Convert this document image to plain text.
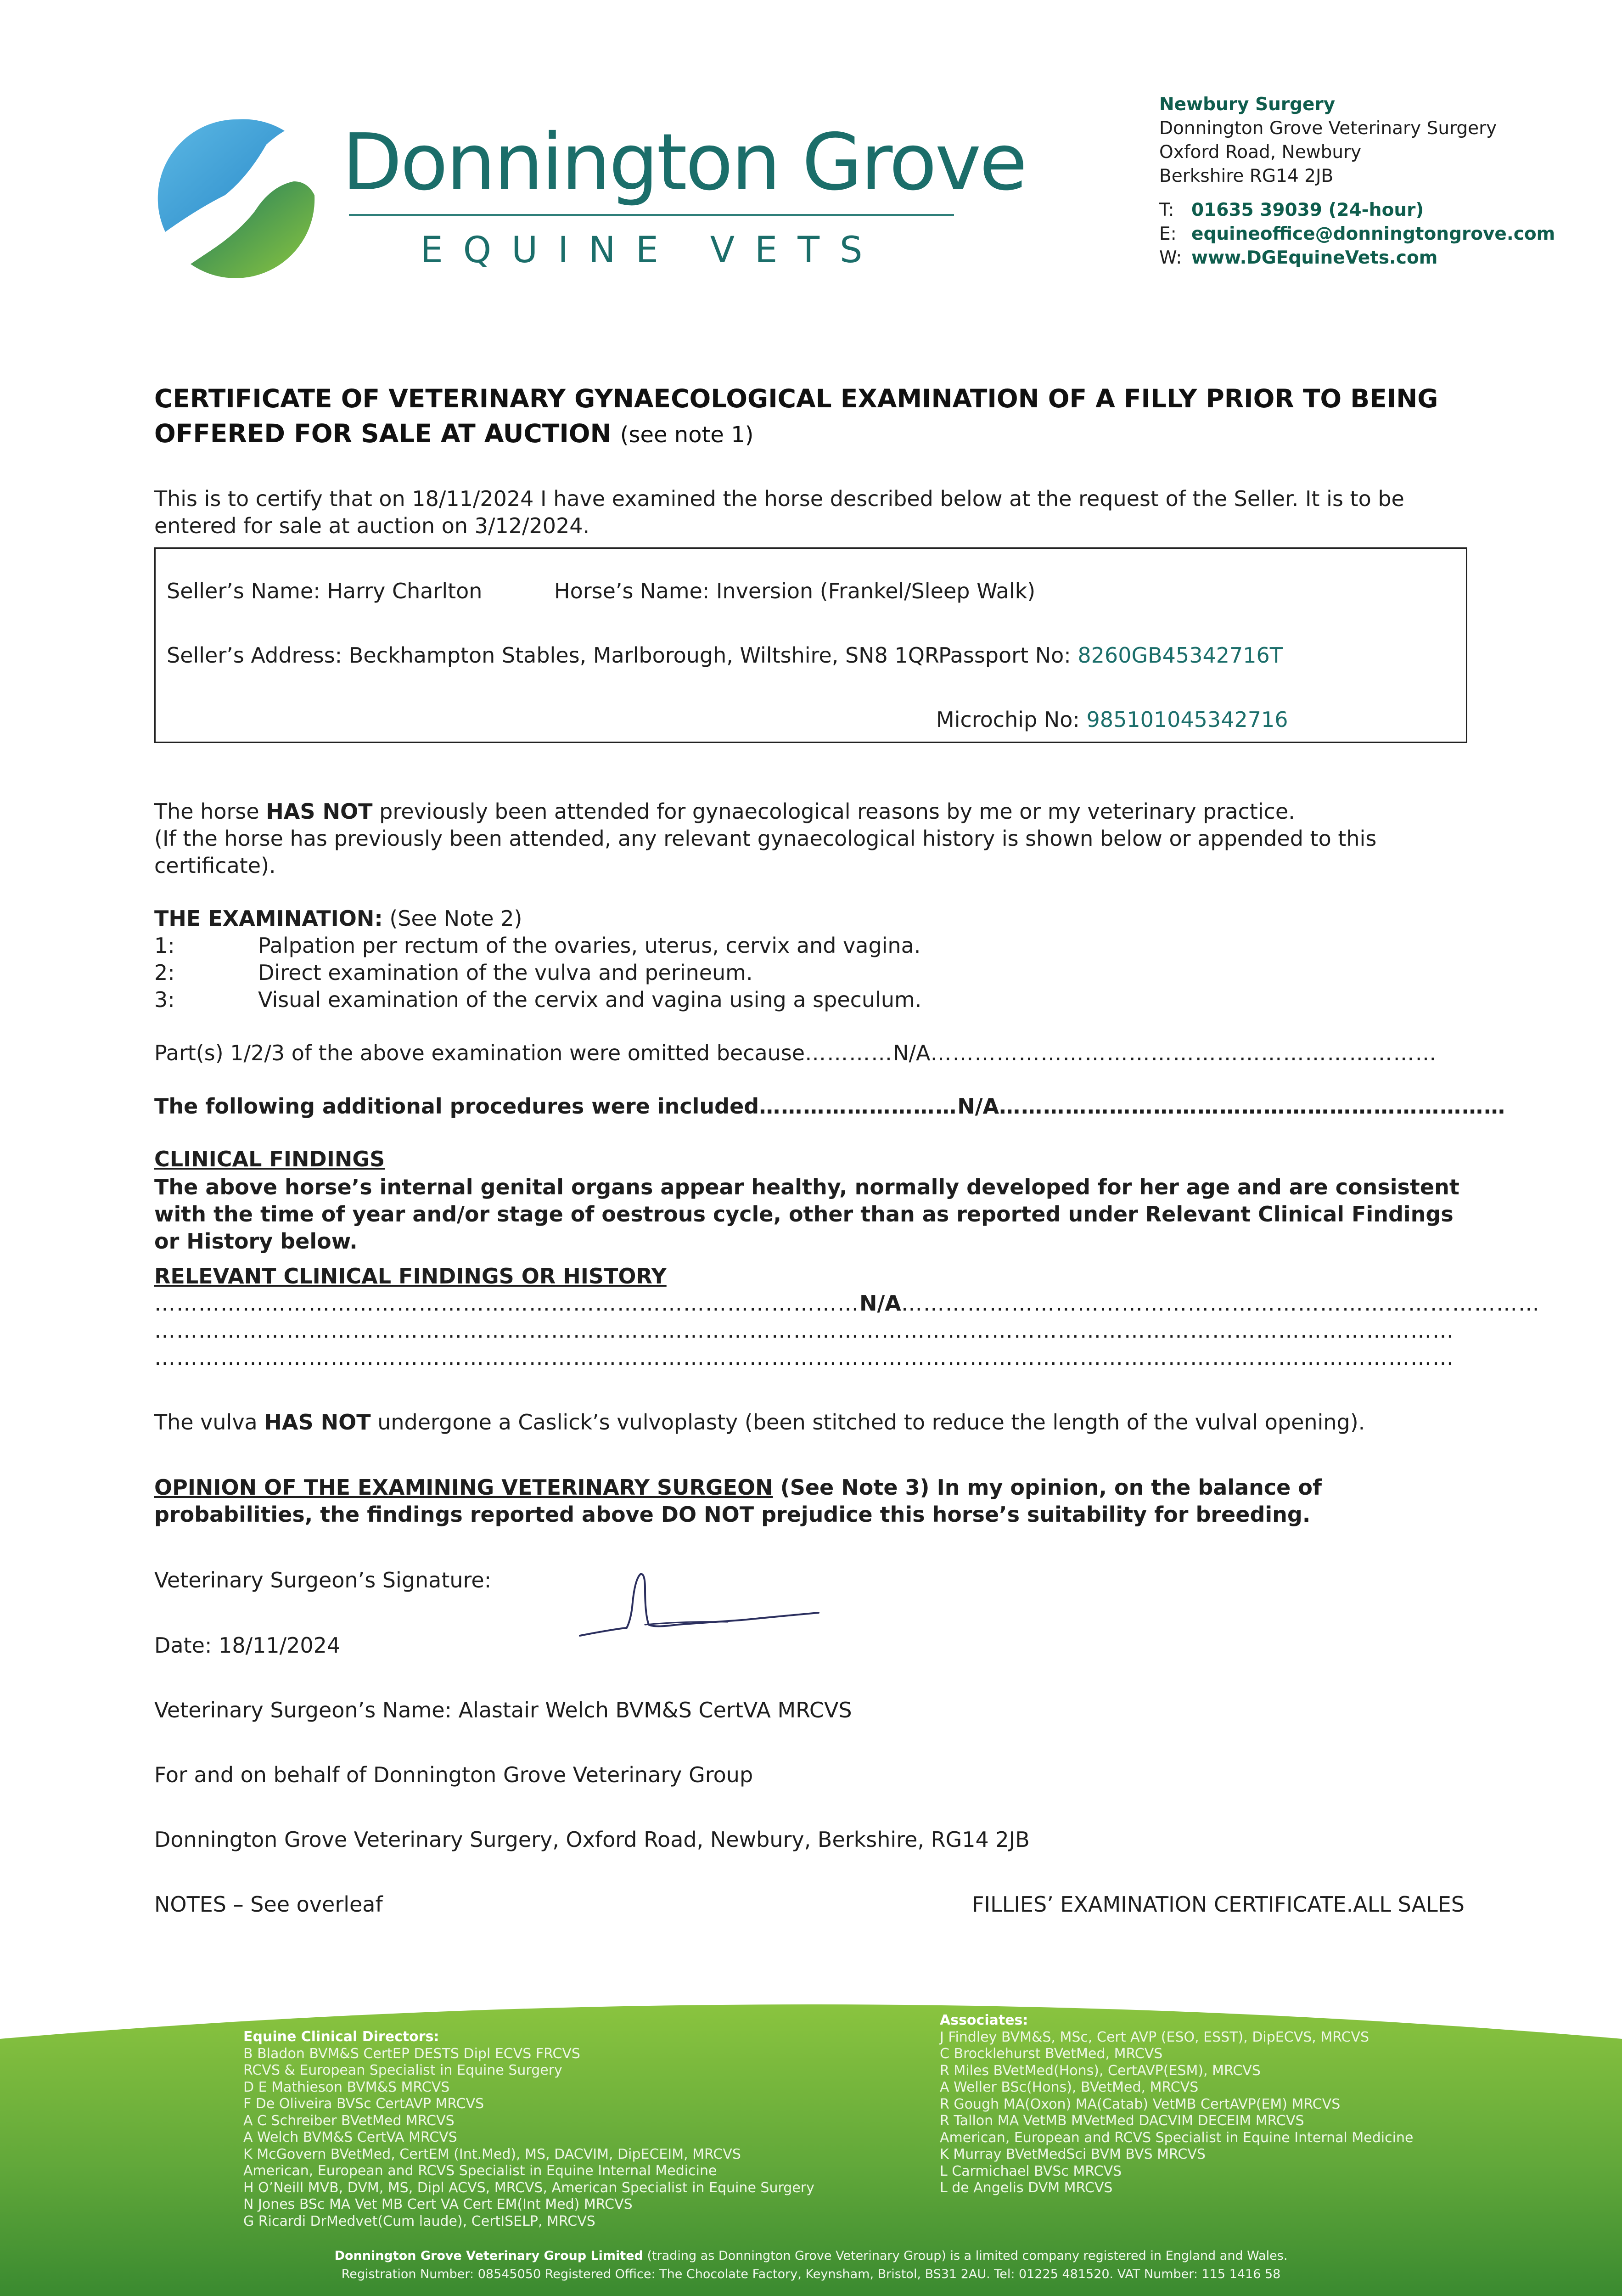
Donnington Grove
EQUINE VETS
Newbury Surgery
Donnington Grove Veterinary Surgery
Oxford Road, Newbury
Berkshire RG14 2JB
T: 01635 39039 (24-hour)
E: equineoffice@donningtongrove.com
W: www.DGEquineVets.com
CERTIFICATE OF VETERINARY GYNAECOLOGICAL EXAMINATION OF A FILLY PRIOR TO BEING OFFERED FOR SALE AT AUCTION (see note 1)
This is to certify that on 18/11/2024 I have examined the horse described below at the request of the Seller. It is to be entered for sale at auction on 3/12/2024.
Seller’s Name: Harry Charlton	Horse’s Name: Inversion (Frankel/Sleep Walk)
Seller’s Address: Beckhampton Stables, Marlborough, Wiltshire, SN8 1QR
Passport No: 8260GB45342716T
Microchip No: 985101045342716
The horse HAS NOT previously been attended for gynaecological reasons by me or my veterinary practice.
(If the horse has previously been attended, any relevant gynaecological history is shown below or appended to this certificate).
THE EXAMINATION: (See Note 2)
1:	Palpation per rectum of the ovaries, uterus, cervix and vagina.
2:	Direct examination of the vulva and perineum.
3:	Visual examination of the cervix and vagina using a speculum.
Part(s) 1/2/3 of the above examination were omitted because…………N/A……………………………………………………………
The following additional procedures were included………………………N/A……………………………………………………………
CLINICAL FINDINGS
The above horse’s internal genital organs appear healthy, normally developed for her age and are consistent with the time of year and/or stage of oestrous cycle, other than as reported under Relevant Clinical Findings or History below.
RELEVANT CLINICAL FINDINGS OR HISTORY
……………………………………………………………………………………N/A……………………………………………………………………………
……………………………………………………………………………………………………………………………………………………………
……………………………………………………………………………………………………………………………………………………………
The vulva HAS NOT undergone a Caslick’s vulvoplasty (been stitched to reduce the length of the vulval opening).
OPINION OF THE EXAMINING VETERINARY SURGEON (See Note 3) In my opinion, on the balance of probabilities, the findings reported above DO NOT prejudice this horse’s suitability for breeding.
Veterinary Surgeon’s Signature:
Date: 18/11/2024
Veterinary Surgeon’s Name: Alastair Welch BVM&S CertVA MRCVS
For and on behalf of Donnington Grove Veterinary Group
Donnington Grove Veterinary Surgery, Oxford Road, Newbury, Berkshire, RG14 2JB
NOTES – See overleaf	FILLIES’ EXAMINATION CERTIFICATE.ALL SALES
Equine Clinical Directors:
B Bladon BVM&S CertEP DESTS Dipl ECVS FRCVS
RCVS & European Specialist in Equine Surgery
D E Mathieson BVM&S MRCVS
F De Oliveira BVSc CertAVP MRCVS
A C Schreiber BVetMed MRCVS
A Welch BVM&S CertVA MRCVS
K McGovern BVetMed, CertEM (Int.Med), MS, DACVIM, DipECEIM, MRCVS
American, European and RCVS Specialist in Equine Internal Medicine
H O’Neill MVB, DVM, MS, Dipl ACVS, MRCVS, American Specialist in Equine Surgery
N Jones BSc MA Vet MB Cert VA Cert EM(Int Med) MRCVS
G Ricardi DrMedvet(Cum laude), CertISELP, MRCVS
Associates:
J Findley BVM&S, MSc, Cert AVP (ESO, ESST), DipECVS, MRCVS
C Brocklehurst BVetMed, MRCVS
R Miles BVetMed(Hons), CertAVP(ESM), MRCVS
A Weller BSc(Hons), BVetMed, MRCVS
R Gough MA(Oxon) MA(Catab) VetMB CertAVP(EM) MRCVS
R Tallon MA VetMB MVetMed DACVIM DECEIM MRCVS
American, European and RCVS Specialist in Equine Internal Medicine
K Murray BVetMedSci BVM BVS MRCVS
L Carmichael BVSc MRCVS
L de Angelis DVM MRCVS
Donnington Grove Veterinary Group Limited (trading as Donnington Grove Veterinary Group) is a limited company registered in England and Wales.
Registration Number: 08545050 Registered Office: The Chocolate Factory, Keynsham, Bristol, BS31 2AU. Tel: 01225 481520. VAT Number: 115 1416 58
